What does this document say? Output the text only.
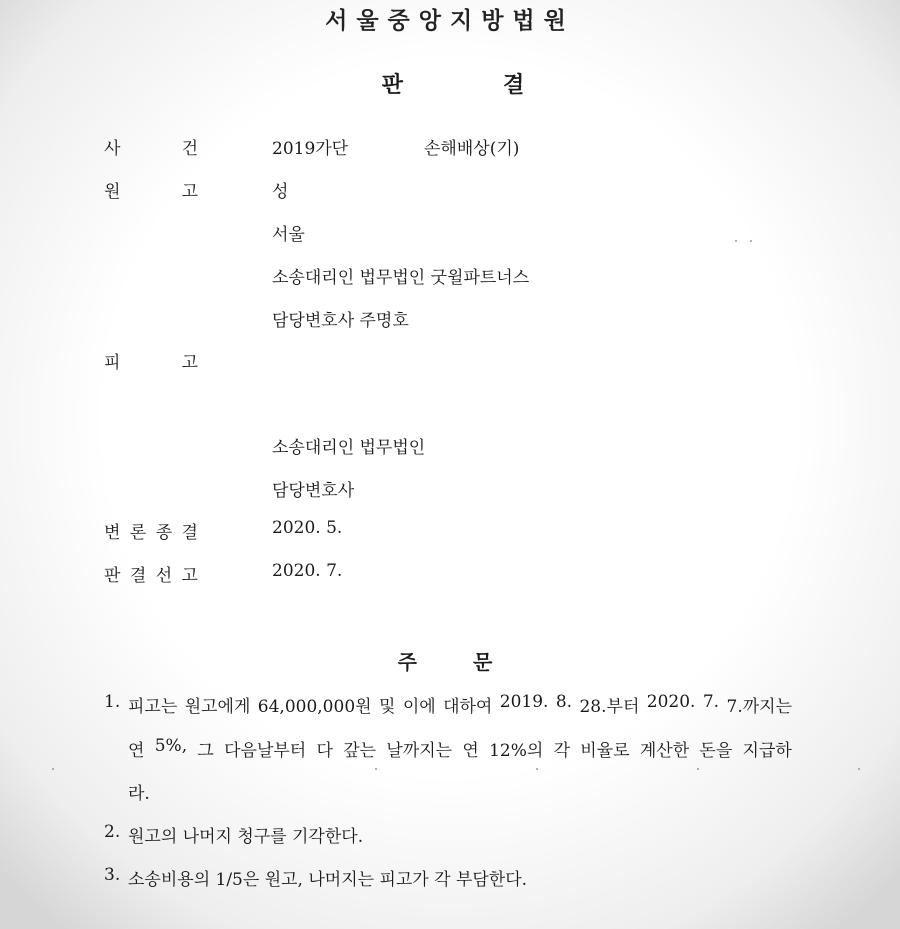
서울중앙지방법원
판	결
사	건	2019가단	손해배상(기)
원	고	성
서울
소송대리인 법무법인 굿윌파트너스
담당변호사 주명호
피	고
소송대리인 법무법인
담당변호사
변 론 종 결	2020. 5.
판 결 선 고	2020. 7.
주	문
1. 피고는 원고에게 64,000,000원 및 이에 대하여 2019. 8. 28.부터 2020. 7. 7.까지는
연 5%, 그 다음날부터 다 갚는 날까지는 연 12%의 각 비율로 계산한 돈을 지급하
라.
2. 원고의 나머지 청구를 기각한다.
3. 소송비용의 1/5은 원고, 나머지는 피고가 각 부담한다.
